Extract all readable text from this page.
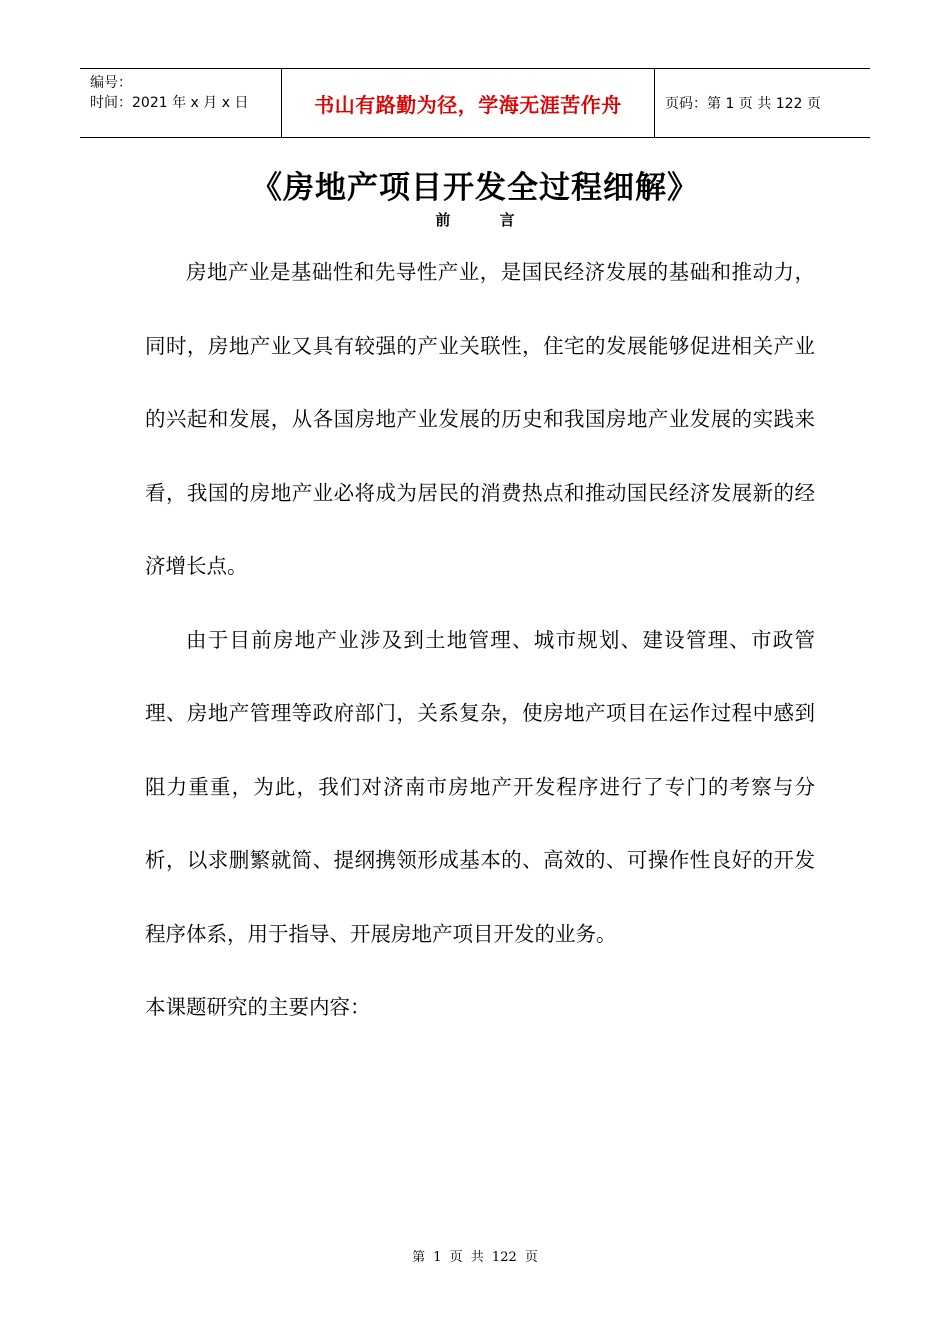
编号：
时间：2021 年 x 月 x 日	书山有路勤为径，学海无涯苦作舟	页码：第 1 页 共 122 页
《房地产项目开发全过程细解》
前 言

房地产业是基础性和先导性产业，是国民经济发展的基础和推动力，同时，房地产业又具有较强的产业关联性，住宅的发展能够促进相关产业的兴起和发展，从各国房地产业发展的历史和我国房地产业发展的实践来看，我国的房地产业必将成为居民的消费热点和推动国民经济发展新的经济增长点。

由于目前房地产业涉及到土地管理、城市规划、建设管理、市政管理、房地产管理等政府部门，关系复杂，使房地产项目在运作过程中感到阻力重重，为此，我们对济南市房地产开发程序进行了专门的考察与分析，以求删繁就简、提纲携领形成基本的、高效的、可操作性良好的开发程序体系，用于指导、开展房地产项目开发的业务。

本课题研究的主要内容：

第 1 页 共 122 页
